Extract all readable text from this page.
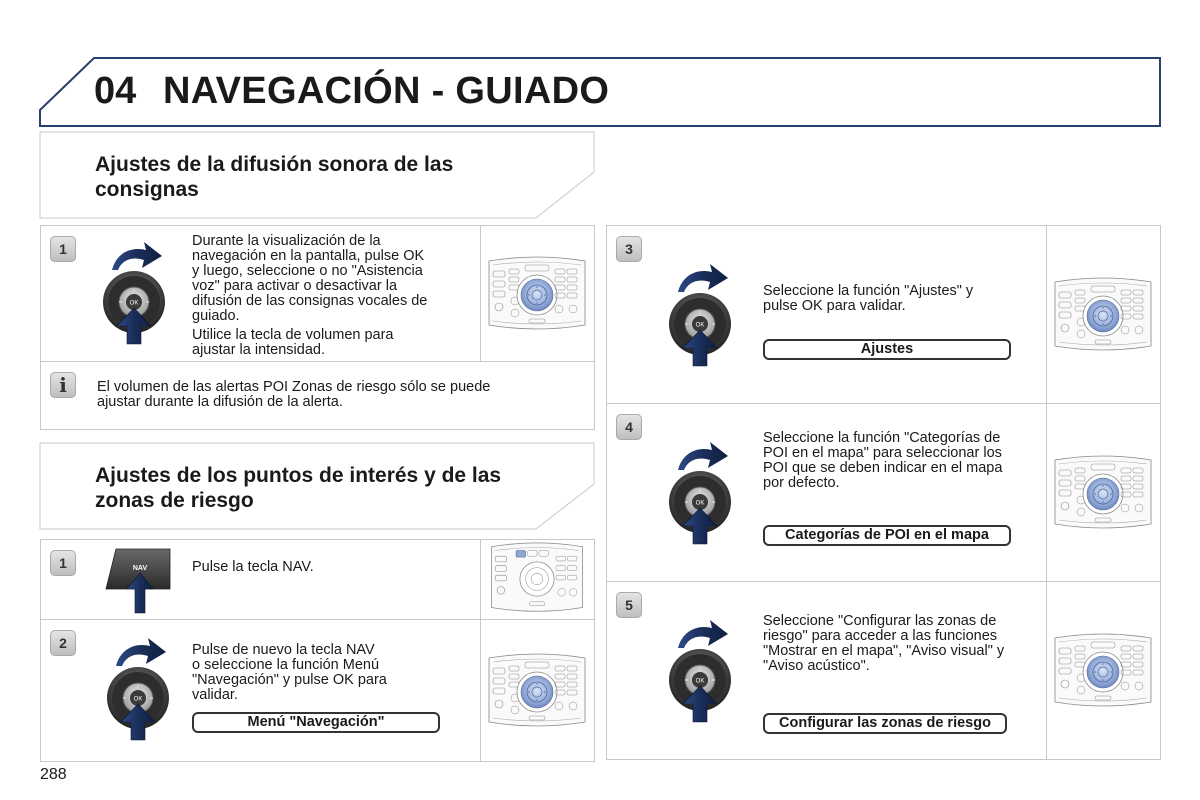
04 NAVEGACIÓN - GUIADO
Ajustes de la difusión sonora de las
consignas
1	Durante la visualización de la
navegación en la pantalla, pulse OK
y luego, seleccione o no "Asistencia
voz" para activar o desactivar la
difusión de las consignas vocales de
guiado.

Utilice la tecla de volumen para
ajustar la intensidad.

i	El volumen de las alertas POI Zonas de riesgo sólo se puede
ajustar durante la difusión de la alerta.
Ajustes de los puntos de interés y de las
zonas de riesgo
1	NAV	Pulse la tecla NAV.
2	Pulse de nuevo la tecla NAV
o seleccione la función Menú
"Navegación" y pulse OK para
validar.
Menú "Navegación"
3
Seleccione la función "Ajustes" y
pulse OK para validar.
Ajustes
4
Seleccione la función "Categorías de
POI en el mapa" para seleccionar los
POI que se deben indicar en el mapa
por defecto.
Categorías de POI en el mapa
5
Seleccione "Configurar las zonas de
riesgo" para acceder a las funciones
"Mostrar en el mapa", "Aviso visual" y
"Aviso acústico".
Configurar las zonas de riesgo
288
